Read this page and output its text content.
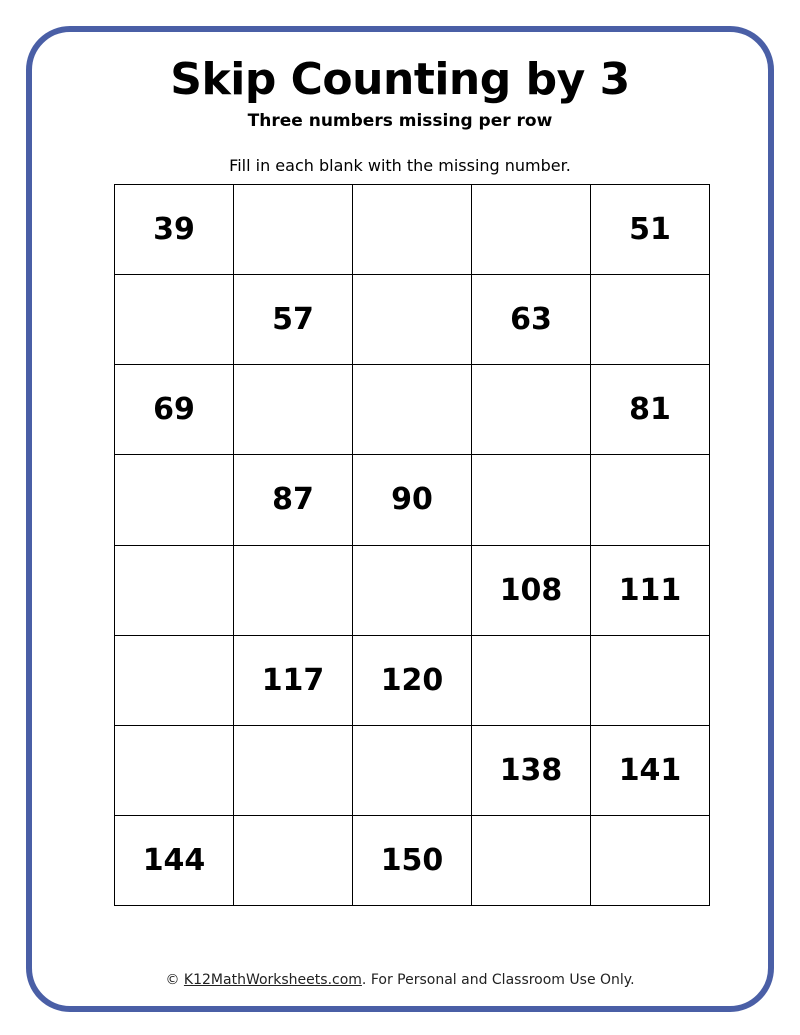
Skip Counting by 3
Three numbers missing per row
Fill in each blank with the missing number.
39				51
	57		63	
69				81
	87	90		
			108	111
	117	120		
			138	141
144		150		
© K12MathWorksheets.com. For Personal and Classroom Use Only.
